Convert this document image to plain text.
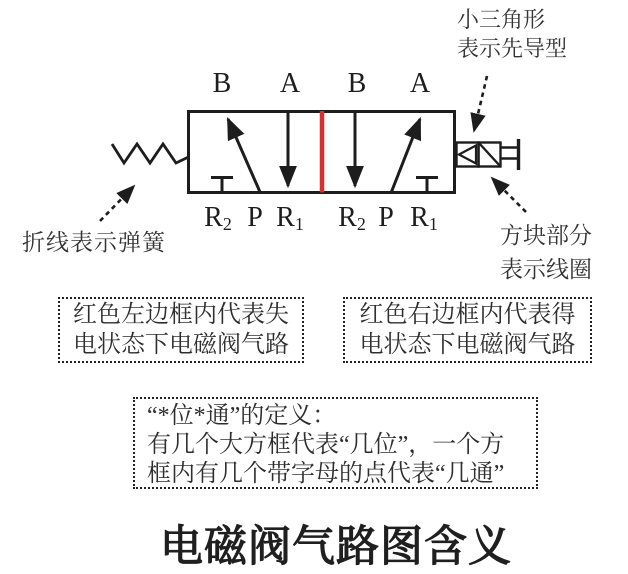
B A B A
$R_2$ P $R_1$ $R_2$ P $R_1$
小三角形
表示先导型
折线表示弹簧	方块部分
表示线圈
红色左边框内代表失
电状态下电磁阀气路
红色右边框内代表得
电状态下电磁阀气路
“*位*通”的定义：
有几个大方框代表“几位”，一个方
框内有几个带字母的点代表“几通”
电磁阀气路图含义
